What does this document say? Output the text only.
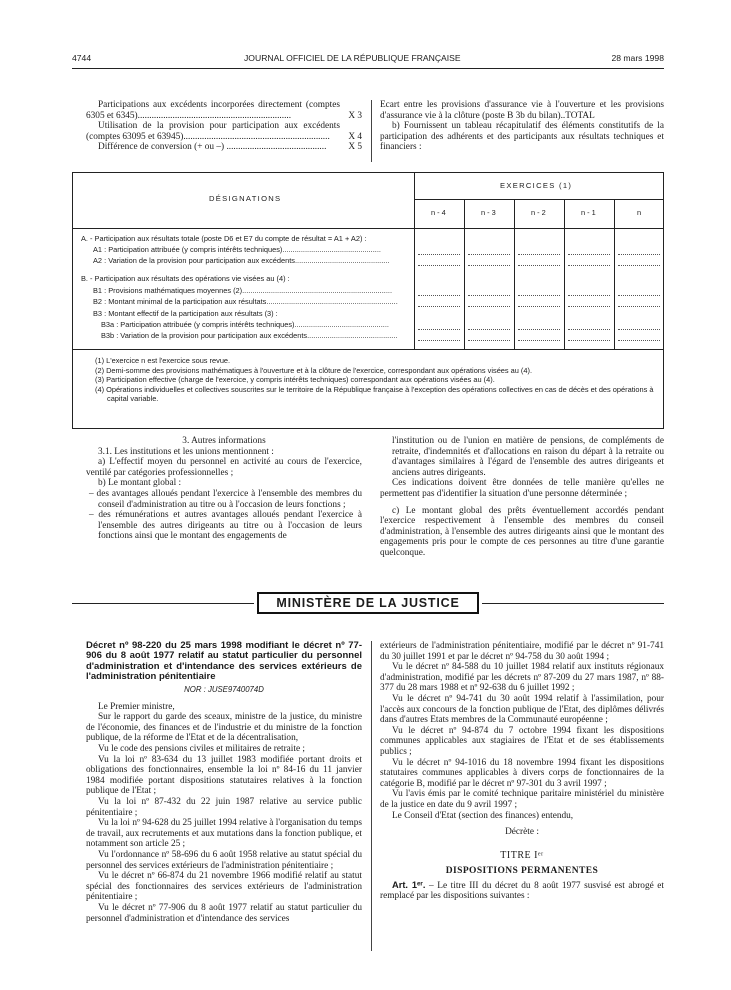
4744	JOURNAL OFFICIEL DE LA RÉPUBLIQUE FRANÇAISE	28 mars 1998
Participations aux excédents incorporées directement (comptes 6305 et 6345)..................................................................	X 3
Utilisation de la provision pour participation aux excédents (comptes 63095 et 63945)...............................................................	X 4
Différence de conversion (+ ou –) ...........................................	X 5

Ecart entre les provisions d'assurance vie à l'ouverture et les provisions d'assurance vie à la clôture (poste B 3b du bilan)..TOTAL

b) Fournissent un tableau récapitulatif des éléments constitutifs de la participation des adhérents et des participants aux résultats techniques et financiers :

DÉSIGNATIONS
EXERCICES (1)
n - 4	n - 3	n - 2	n - 1	n
A. - Participation aux résultats totale (poste D6 et E7 du compte de résultat = A1 + A2) :
A1 : Participation attribuée (y compris intérêts techniques)................................................
A2 : Variation de la provision pour participation aux excédents..............................................
B. - Participation aux résultats des opérations vie visées au (4) :
B1 : Provisions mathématiques moyennes (2).........................................................................
B2 : Montant minimal de la participation aux résultats................................................................
B3 : Montant effectif de la participation aux résultats (3) :
B3a : Participation attribuée (y compris intérêts techniques)..............................................
B3b : Variation de la provision pour participation aux excédents............................................
(1) L'exercice n est l'exercice sous revue.
(2) Demi-somme des provisions mathématiques à l'ouverture et à la clôture de l'exercice, correspondant aux opérations visées au (4).
(3) Participation effective (charge de l'exercice, y compris intérêts techniques) correspondant aux opérations visées au (4).
(4) Opérations individuelles et collectives souscrites sur le territoire de la République française à l'exception des opérations collectives en cas de décès et des opérations à capital variable.
3. Autres informations

3.1. Les institutions et les unions mentionnent :

a) L'effectif moyen du personnel en activité au cours de l'exercice, ventilé par catégories professionnelles ;

b) Le montant global :

– des avantages alloués pendant l'exercice à l'ensemble des membres du conseil d'administration au titre ou à l'occasion de leurs fonctions ;

– des rémunérations et autres avantages alloués pendant l'exercice à l'ensemble des autres dirigeants au titre ou à l'occasion de leurs fonctions ainsi que le montant des engagements de

l'institution ou de l'union en matière de pensions, de compléments de retraite, d'indemnités et d'allocations en raison du départ à la retraite ou d'avantages similaires à l'égard de l'ensemble des autres dirigeants et anciens autres dirigeants.

Ces indications doivent être données de telle manière qu'elles ne permettent pas d'identifier la situation d'une personne déterminée ;

c) Le montant global des prêts éventuellement accordés pendant l'exercice respectivement à l'ensemble des membres du conseil d'administration, à l'ensemble des autres dirigeants ainsi que le montant des engagements pris pour le compte de ces personnes au titre d'une garantie quelconque.

MINISTÈRE DE LA JUSTICE

Décret nº 98-220 du 25 mars 1998 modifiant le décret nº 77-906 du 8 août 1977 relatif au statut particulier du personnel d'administration et d'intendance des services extérieurs de l'administration pénitentiaire

NOR : JUSE9740074D

Le Premier ministre,

Sur le rapport du garde des sceaux, ministre de la justice, du ministre de l'économie, des finances et de l'industrie et du ministre de la fonction publique, de la réforme de l'Etat et de la décentralisation,

Vu le code des pensions civiles et militaires de retraite ;

Vu la loi nº 83-634 du 13 juillet 1983 modifiée portant droits et obligations des fonctionnaires, ensemble la loi nº 84-16 du 11 janvier 1984 modifiée portant dispositions statutaires relatives à la fonction publique de l'Etat ;

Vu la loi nº 87-432 du 22 juin 1987 relative au service public pénitentiaire ;

Vu la loi nº 94-628 du 25 juillet 1994 relative à l'organisation du temps de travail, aux recrutements et aux mutations dans la fonction publique, et notamment son article 25 ;

Vu l'ordonnance nº 58-696 du 6 août 1958 relative au statut spécial du personnel des services extérieurs de l'administration pénitentiaire ;

Vu le décret nº 66-874 du 21 novembre 1966 modifié relatif au statut spécial des fonctionnaires des services extérieurs de l'administration pénitentiaire ;

Vu le décret nº 77-906 du 8 août 1977 relatif au statut particulier du personnel d'administration et d'intendance des services

extérieurs de l'administration pénitentiaire, modifié par le décret nº 91-741 du 30 juillet 1991 et par le décret nº 94-758 du 30 août 1994 ;

Vu le décret nº 84-588 du 10 juillet 1984 relatif aux instituts régionaux d'administration, modifié par les décrets nº 87-209 du 27 mars 1987, nº 88-377 du 28 mars 1988 et nº 92-638 du 6 juillet 1992 ;

Vu le décret nº 94-741 du 30 août 1994 relatif à l'assimilation, pour l'accès aux concours de la fonction publique de l'Etat, des diplômes délivrés dans d'autres Etats membres de la Communauté européenne ;

Vu le décret nº 94-874 du 7 octobre 1994 fixant les dispositions communes applicables aux stagiaires de l'Etat et de ses établissements publics ;

Vu le décret nº 94-1016 du 18 novembre 1994 fixant les dispositions statutaires communes applicables à divers corps de fonctionnaires de la catégorie B, modifié par le décret nº 97-301 du 3 avril 1997 ;

Vu l'avis émis par le comité technique paritaire ministériel du ministère de la justice en date du 9 avril 1997 ;

Le Conseil d'Etat (section des finances) entendu,

Décrète :
TITRE Iᵉʳ
DISPOSITIONS PERMANENTES

Art. 1ᵉʳ. – Le titre III du décret du 8 août 1977 susvisé est abrogé et remplacé par les dispositions suivantes :
